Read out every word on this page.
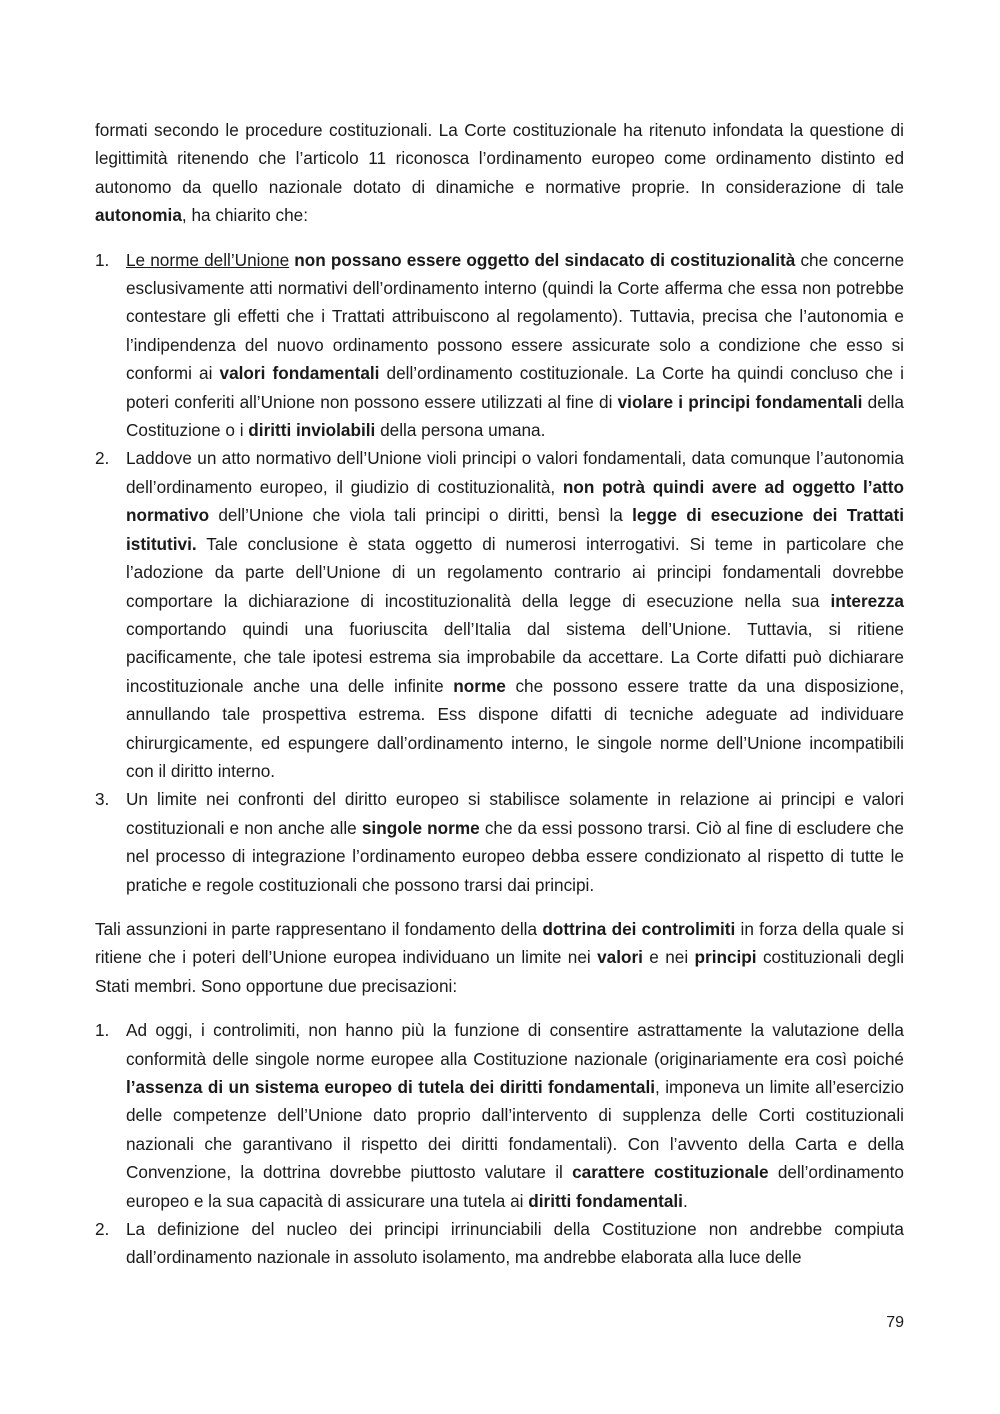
formati secondo le procedure costituzionali. La Corte costituzionale ha ritenuto infondata la questione di legittimità ritenendo che l’articolo 11 riconosca l’ordinamento europeo come ordinamento distinto ed autonomo da quello nazionale dotato di dinamiche e normative proprie. In considerazione di tale autonomia, ha chiarito che:

1. Le norme dell’Unione non possano essere oggetto del sindacato di costituzionalità che concerne esclusivamente atti normativi dell’ordinamento interno (quindi la Corte afferma che essa non potrebbe contestare gli effetti che i Trattati attribuiscono al regolamento). Tuttavia, precisa che l’autonomia e l’indipendenza del nuovo ordinamento possono essere assicurate solo a condizione che esso si conformi ai valori fondamentali dell’ordinamento costituzionale. La Corte ha quindi concluso che i poteri conferiti all’Unione non possono essere utilizzati al fine di violare i principi fondamentali della Costituzione o i diritti inviolabili della persona umana.
2. Laddove un atto normativo dell’Unione violi principi o valori fondamentali, data comunque l’autonomia dell’ordinamento europeo, il giudizio di costituzionalità, non potrà quindi avere ad oggetto l’atto normativo dell’Unione che viola tali principi o diritti, bensì la legge di esecuzione dei Trattati istitutivi. Tale conclusione è stata oggetto di numerosi interrogativi. Si teme in particolare che l’adozione da parte dell’Unione di un regolamento contrario ai principi fondamentali dovrebbe comportare la dichiarazione di incostituzionalità della legge di esecuzione nella sua interezza comportando quindi una fuoriuscita dell’Italia dal sistema dell’Unione. Tuttavia, si ritiene pacificamente, che tale ipotesi estrema sia improbabile da accettare. La Corte difatti può dichiarare incostituzionale anche una delle infinite norme che possono essere tratte da una disposizione, annullando tale prospettiva estrema. Ess dispone difatti di tecniche adeguate ad individuare chirurgicamente, ed espungere dall’ordinamento interno, le singole norme dell’Unione incompatibili con il diritto interno.
3. Un limite nei confronti del diritto europeo si stabilisce solamente in relazione ai principi e valori costituzionali e non anche alle singole norme che da essi possono trarsi. Ciò al fine di escludere che nel processo di integrazione l’ordinamento europeo debba essere condizionato al rispetto di tutte le pratiche e regole costituzionali che possono trarsi dai principi.

Tali assunzioni in parte rappresentano il fondamento della dottrina dei controlimiti in forza della quale si ritiene che i poteri dell’Unione europea individuano un limite nei valori e nei principi costituzionali degli Stati membri. Sono opportune due precisazioni:

1. Ad oggi, i controlimiti, non hanno più la funzione di consentire astrattamente la valutazione della conformità delle singole norme europee alla Costituzione nazionale (originariamente era così poiché l’assenza di un sistema europeo di tutela dei diritti fondamentali, imponeva un limite all’esercizio delle competenze dell’Unione dato proprio dall’intervento di supplenza delle Corti costituzionali nazionali che garantivano il rispetto dei diritti fondamentali). Con l’avvento della Carta e della Convenzione, la dottrina dovrebbe piuttosto valutare il carattere costituzionale dell’ordinamento europeo e la sua capacità di assicurare una tutela ai diritti fondamentali.
2. La definizione del nucleo dei principi irrinunciabili della Costituzione non andrebbe compiuta dall’ordinamento nazionale in assoluto isolamento, ma andrebbe elaborata alla luce delle
79
